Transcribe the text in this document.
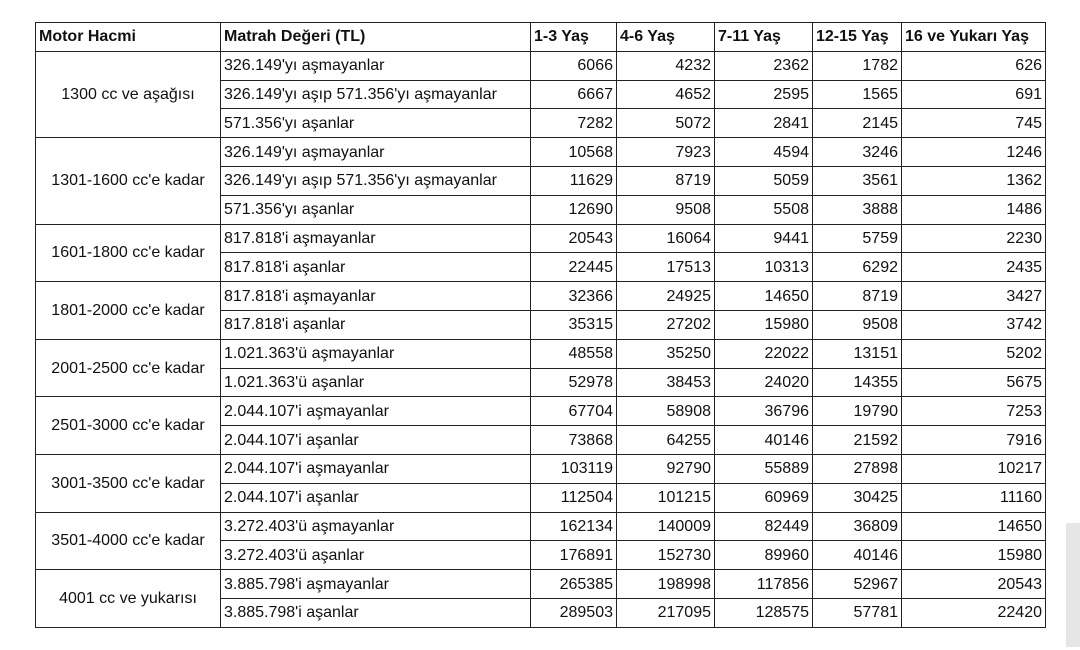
Motor Hacmi	Matrah Değeri (TL)	1-3 Yaş	4-6 Yaş	7-11 Yaş	12-15 Yaş	16 ve Yukarı Yaş
1300 cc ve aşağısı	326.149'yı aşmayanlar	6066	4232	2362	1782	626
	326.149'yı aşıp 571.356'yı aşmayanlar	6667	4652	2595	1565	691
	571.356'yı aşanlar	7282	5072	2841	2145	745
1301-1600 cc'e kadar	326.149'yı aşmayanlar	10568	7923	4594	3246	1246
	326.149'yı aşıp 571.356'yı aşmayanlar	11629	8719	5059	3561	1362
	571.356'yı aşanlar	12690	9508	5508	3888	1486
1601-1800 cc'e kadar	817.818'i aşmayanlar	20543	16064	9441	5759	2230
	817.818'i aşanlar	22445	17513	10313	6292	2435
1801-2000 cc'e kadar	817.818'i aşmayanlar	32366	24925	14650	8719	3427
	817.818'i aşanlar	35315	27202	15980	9508	3742
2001-2500 cc'e kadar	1.021.363'ü aşmayanlar	48558	35250	22022	13151	5202
	1.021.363'ü aşanlar	52978	38453	24020	14355	5675
2501-3000 cc'e kadar	2.044.107'i aşmayanlar	67704	58908	36796	19790	7253
	2.044.107'i aşanlar	73868	64255	40146	21592	7916
3001-3500 cc'e kadar	2.044.107'i aşmayanlar	103119	92790	55889	27898	10217
	2.044.107'i aşanlar	112504	101215	60969	30425	11160
3501-4000 cc'e kadar	3.272.403'ü aşmayanlar	162134	140009	82449	36809	14650
	3.272.403'ü aşanlar	176891	152730	89960	40146	15980
4001 cc ve yukarısı	3.885.798'i aşmayanlar	265385	198998	117856	52967	20543
	3.885.798'i aşanlar	289503	217095	128575	57781	22420
